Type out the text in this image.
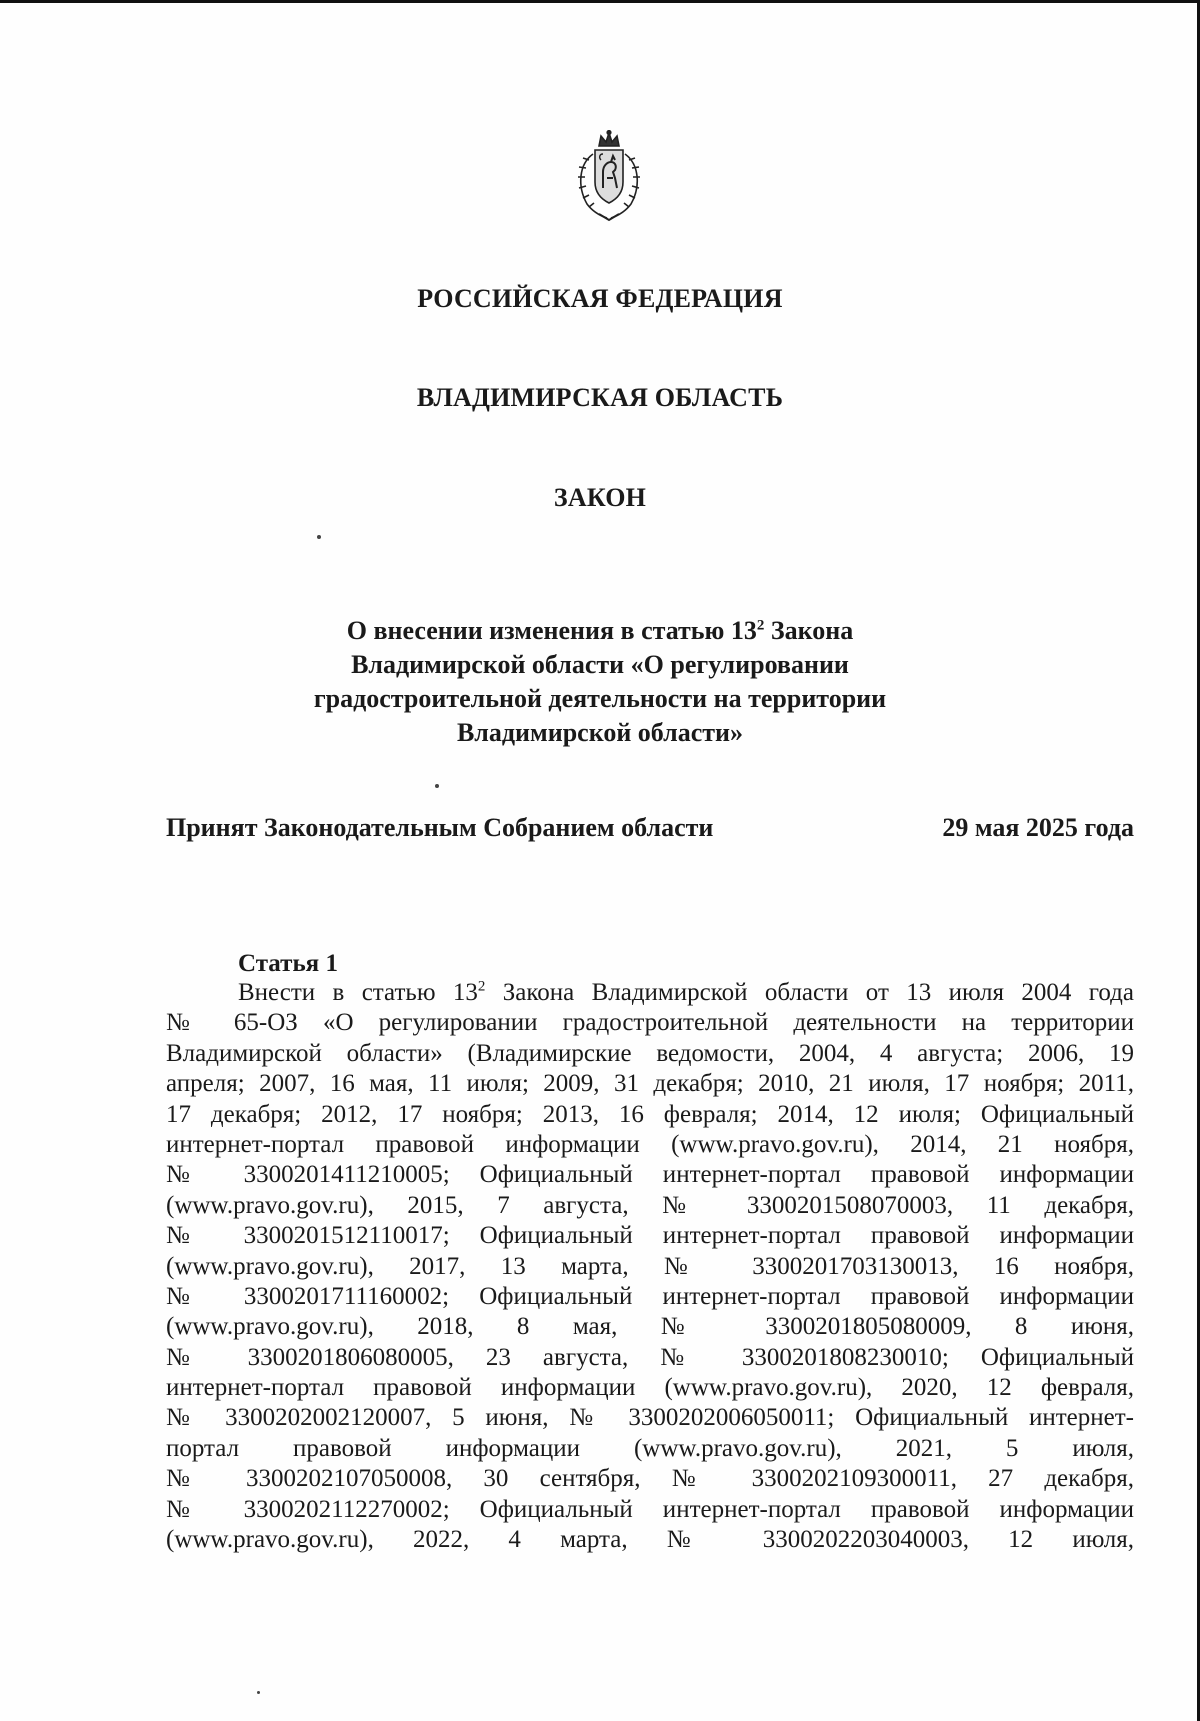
РОССИЙСКАЯ ФЕДЕРАЦИЯ
ВЛАДИМИРСКАЯ ОБЛАСТЬ
ЗАКОН
О внесении изменения в статью $13^2$ Закона
Владимирской области «О регулировании
градостроительной деятельности на территории
Владимирской области»
Принят Законодательным Собранием области	29 мая 2025 года
Статья 1
Внести в статью $13^2$ Закона Владимирской области от 13 июля 2004 года
№ 65-ОЗ «О регулировании градостроительной деятельности на территории
Владимирской области» (Владимирские ведомости, 2004, 4 августа; 2006, 19
апреля; 2007, 16 мая, 11 июля; 2009, 31 декабря; 2010, 21 июля, 17 ноября; 2011,
17 декабря; 2012, 17 ноября; 2013, 16 февраля; 2014, 12 июля; Официальный
интернет-портал правовой информации (www.pravo.gov.ru), 2014, 21 ноября,
№ 3300201411210005; Официальный интернет-портал правовой информации
(www.pravo.gov.ru), 2015, 7 августа, № 3300201508070003, 11 декабря,
№ 3300201512110017; Официальный интернет-портал правовой информации
(www.pravo.gov.ru), 2017, 13 марта, № 3300201703130013, 16 ноября,
№ 3300201711160002; Официальный интернет-портал правовой информации
(www.pravo.gov.ru), 2018, 8 мая, № 3300201805080009, 8 июня,
№ 3300201806080005, 23 августа, № 3300201808230010; Официальный
интернет-портал правовой информации (www.pravo.gov.ru), 2020, 12 февраля,
№ 3300202002120007, 5 июня, № 3300202006050011; Официальный интернет-
портал правовой информации (www.pravo.gov.ru), 2021, 5 июля,
№ 3300202107050008, 30 сентября, № 3300202109300011, 27 декабря,
№ 3300202112270002; Официальный интернет-портал правовой информации
(www.pravo.gov.ru), 2022, 4 марта, № 3300202203040003, 12 июля,
